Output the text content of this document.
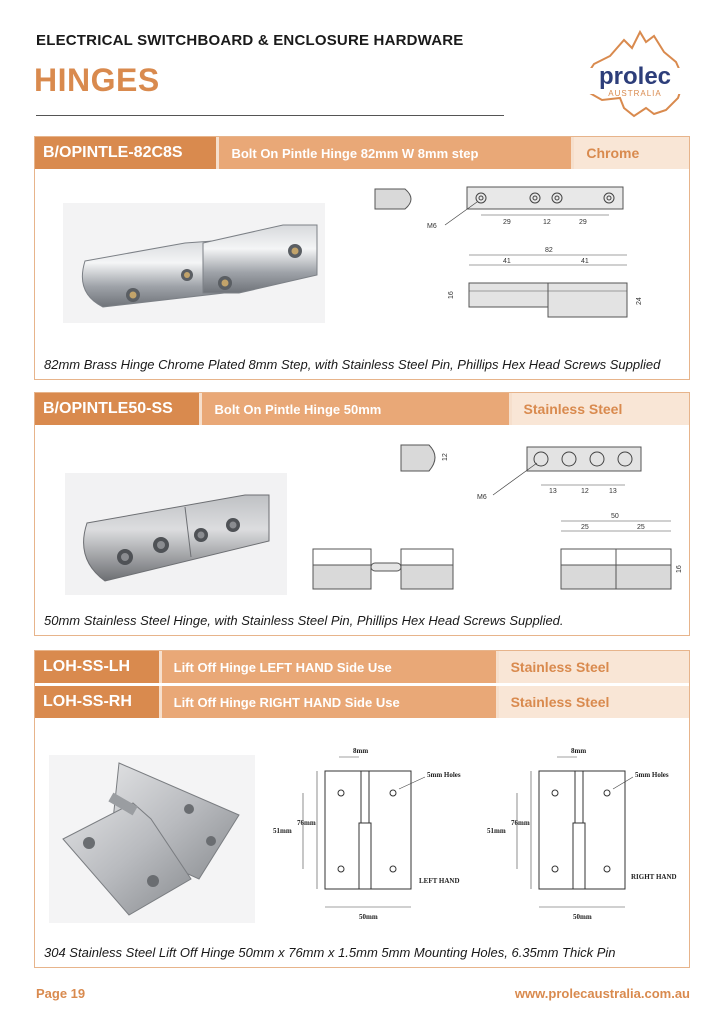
ELECTRICAL SWITCHBOARD & ENCLOSURE HARDWARE
HINGES	prolec
AUSTRALIA
B/OPINTLE-82C8S	Bolt On Pintle Hinge 82mm W 8mm step	Chrome
M6
29	12	29
82
41	41
16
24
82mm Brass Hinge Chrome Plated 8mm Step, with Stainless Steel Pin, Phillips Hex Head Screws Supplied
B/OPINTLE50-SS	Bolt On Pintle Hinge 50mm	Stainless Steel
12
M6
13	12	13
50
25	25
16
50mm Stainless Steel Hinge, with Stainless Steel Pin, Phillips Hex Head Screws Supplied.
LOH-SS-LH	Lift Off Hinge LEFT HAND Side Use	Stainless Steel
LOH-SS-RH	Lift Off Hinge RIGHT HAND Side Use	Stainless Steel
8mm
5mm Holes
51mm
76mm
LEFT HAND
50mm
8mm
5mm Holes
51mm
76mm
RIGHT HAND
50mm
304 Stainless Steel Lift Off Hinge 50mm x 76mm x 1.5mm 5mm Mounting Holes, 6.35mm Thick Pin
Page 19	www.prolecaustralia.com.au
